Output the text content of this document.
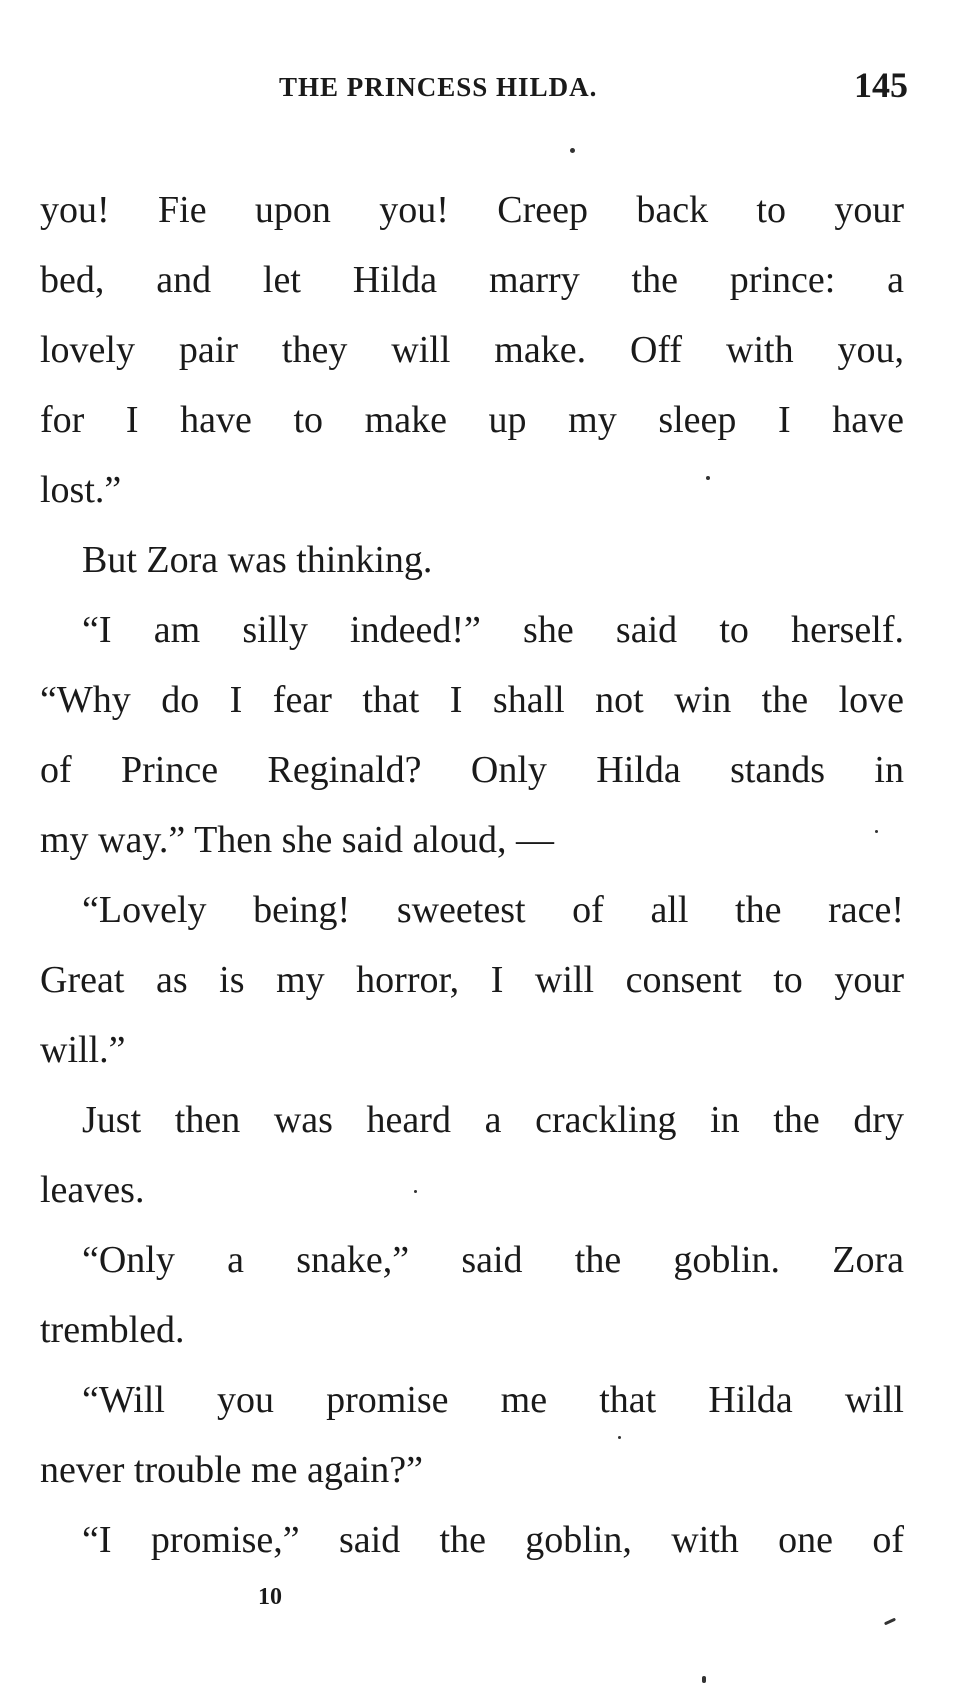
THE PRINCESS HILDA.	145
you! Fie upon you! Creep back to your
bed, and let Hilda marry the prince: a
lovely pair they will make. Off with you,
for I have to make up my sleep I have
lost.”
But Zora was thinking.
“I am silly indeed!” she said to herself.
“Why do I fear that I shall not win the love
of Prince Reginald? Only Hilda stands in
my way.” Then she said aloud, —
“Lovely being! sweetest of all the race!
Great as is my horror, I will consent to your
will.”
Just then was heard a crackling in the dry
leaves.
“Only a snake,” said the goblin. Zora
trembled.
“Will you promise me that Hilda will
never trouble me again?”
“I promise,” said the goblin, with one of
10
